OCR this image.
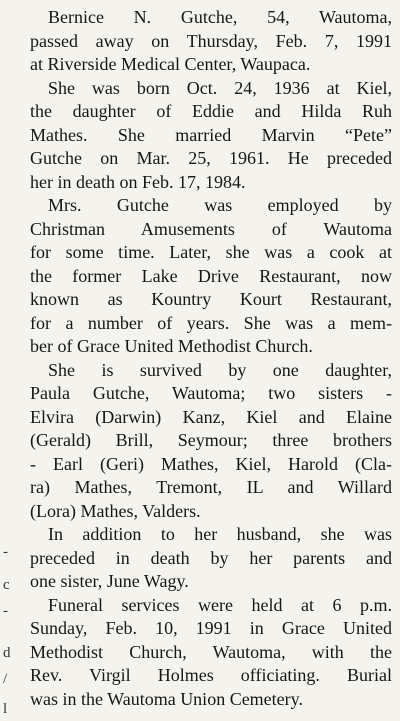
-
c
-
d
/
l
Bernice N. Gutche, 54, Wautoma,
passed away on Thursday, Feb. 7, 1991
at Riverside Medical Center, Waupaca.
She was born Oct. 24, 1936 at Kiel,
the daughter of Eddie and Hilda Ruh
Mathes. She married Marvin “Pete”
Gutche on Mar. 25, 1961. He preceded
her in death on Feb. 17, 1984.
Mrs. Gutche was employed by
Christman Amusements of Wautoma
for some time. Later, she was a cook at
the former Lake Drive Restaurant, now
known as Kountry Kourt Restaurant,
for a number of years. She was a mem-
ber of Grace United Methodist Church.
She is survived by one daughter,
Paula Gutche, Wautoma; two sisters -
Elvira (Darwin) Kanz, Kiel and Elaine
(Gerald) Brill, Seymour; three brothers
- Earl (Geri) Mathes, Kiel, Harold (Cla-
ra) Mathes, Tremont, IL and Willard
(Lora) Mathes, Valders.
In addition to her husband, she was
preceded in death by her parents and
one sister, June Wagy.
Funeral services were held at 6 p.m.
Sunday, Feb. 10, 1991 in Grace United
Methodist Church, Wautoma, with the
Rev. Virgil Holmes officiating. Burial
was in the Wautoma Union Cemetery.
